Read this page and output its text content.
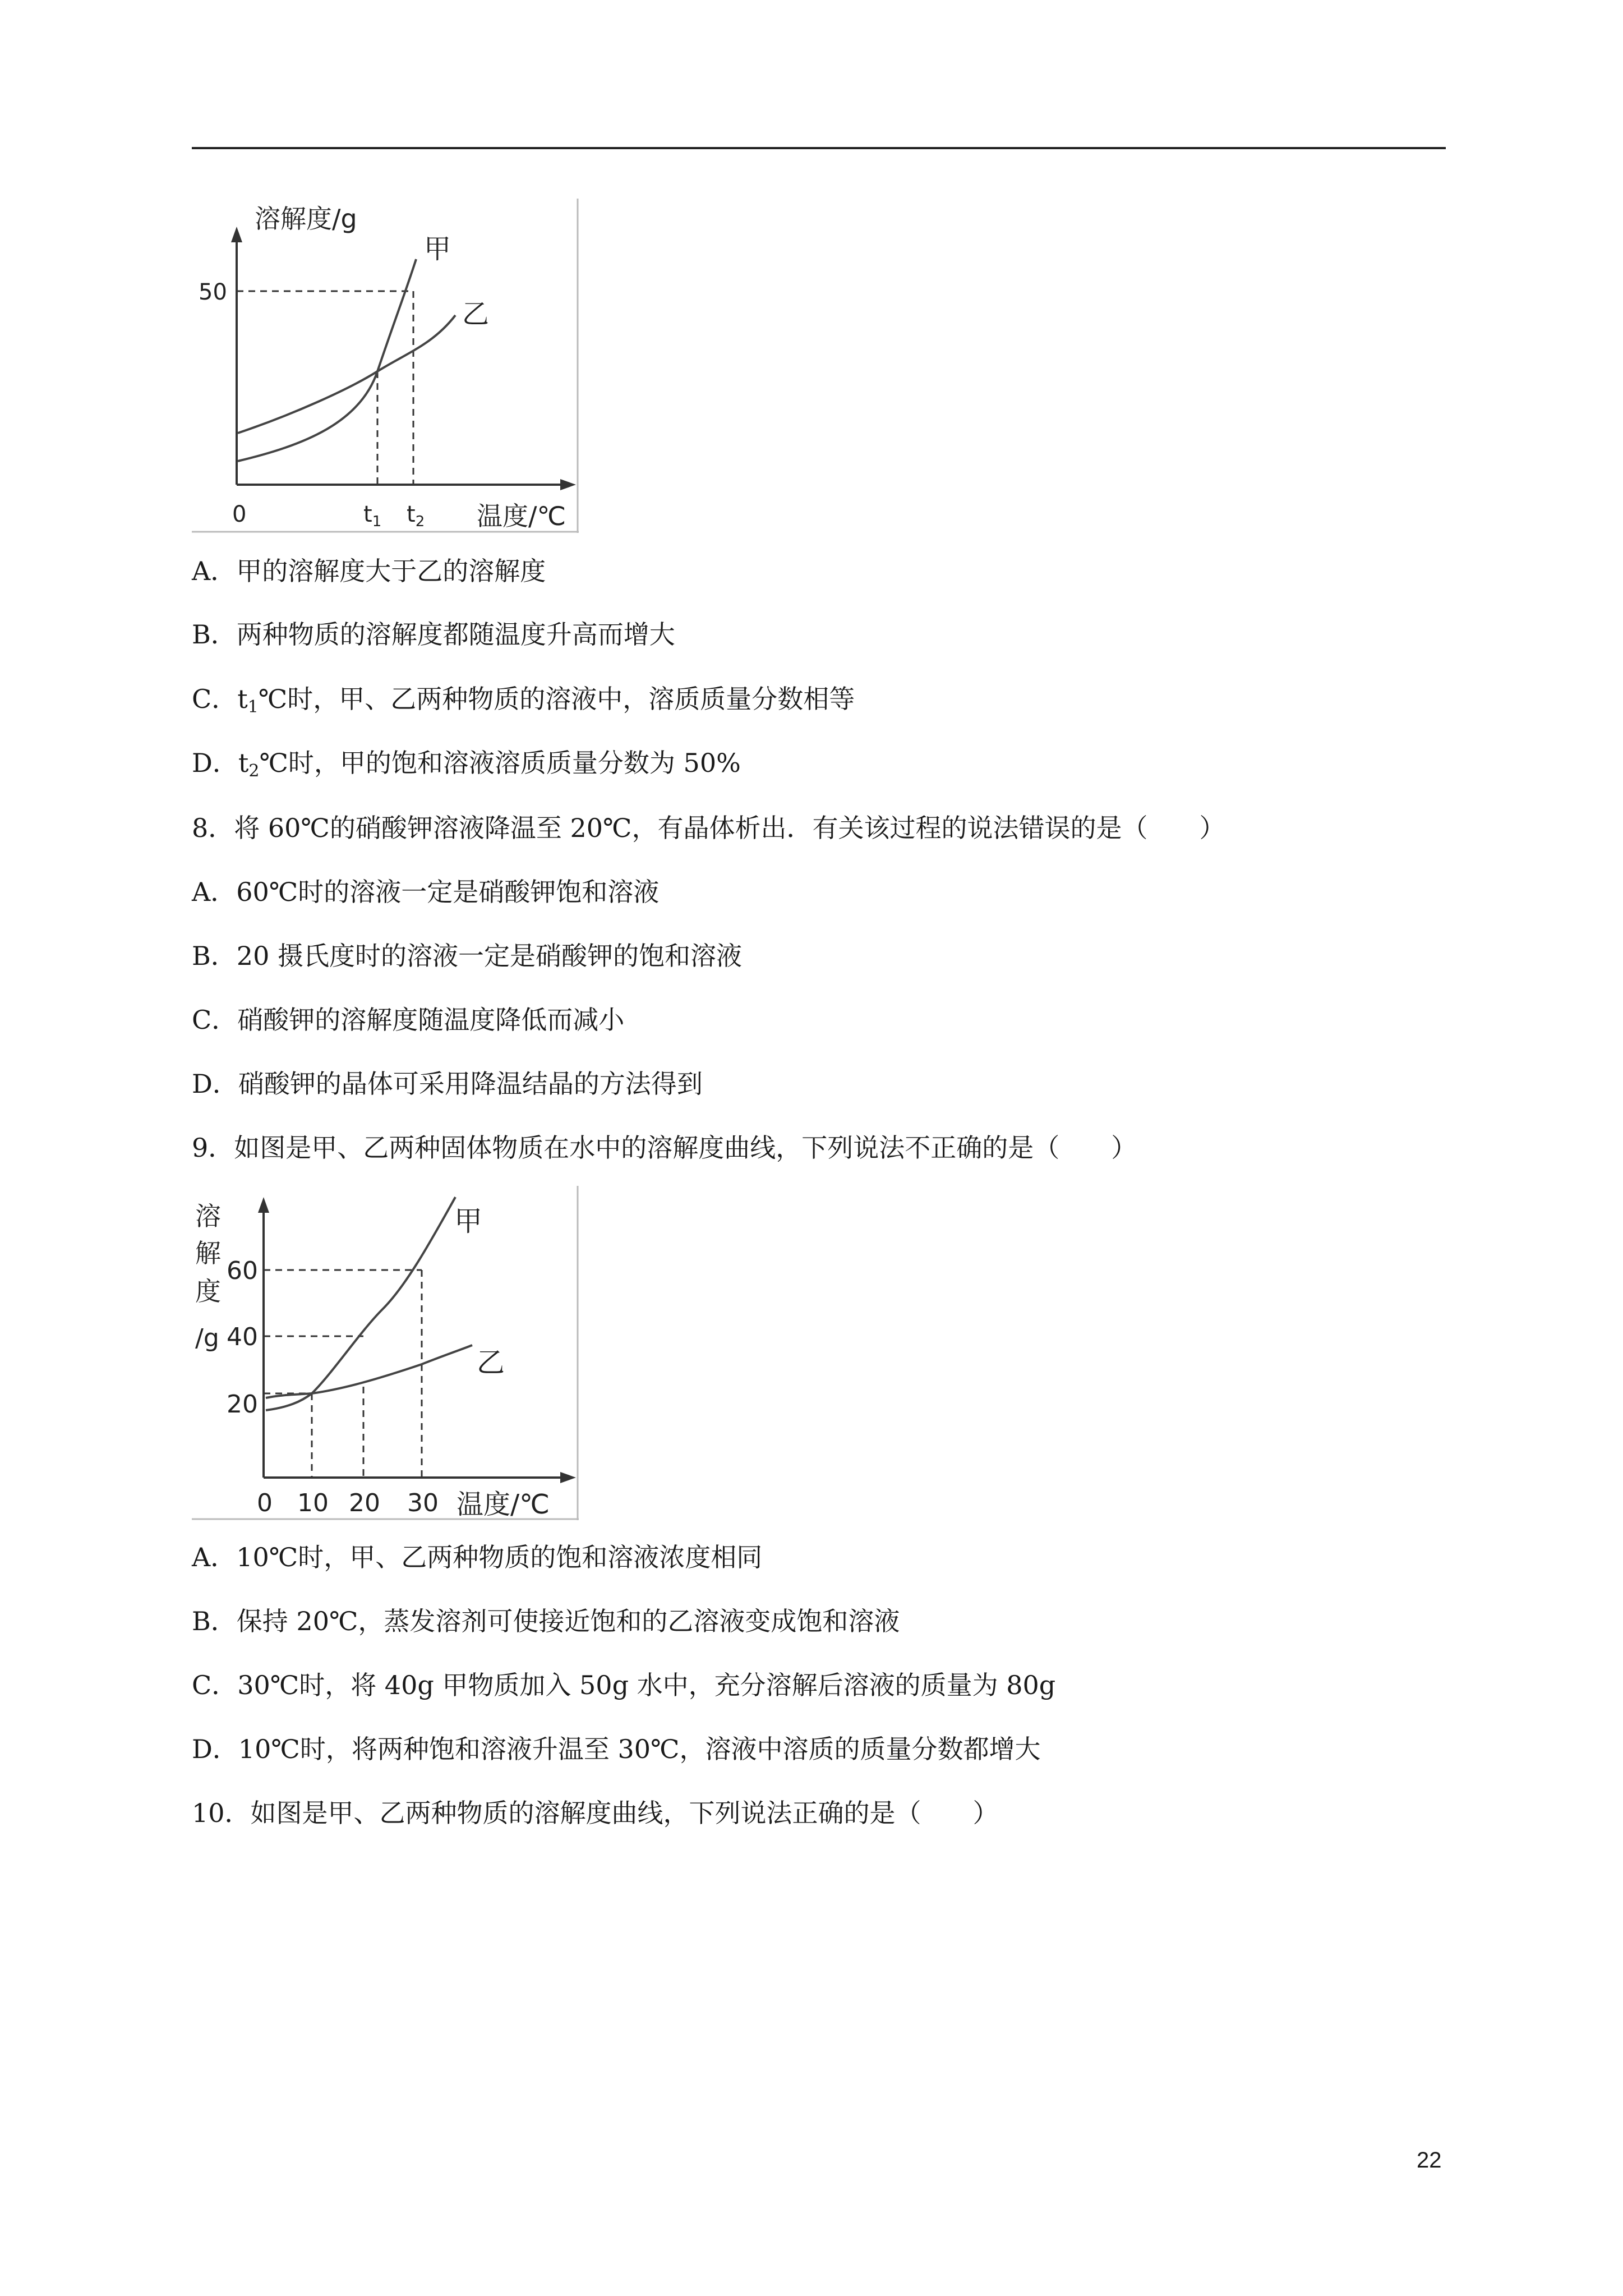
溶解度/g
50
0	$t_1$ $t_2$ 温度/℃
甲
乙
A．甲的溶解度大于乙的溶解度
B．两种物质的溶解度都随温度升高而增大
C．$t_1℃$时，甲、乙两种物质的溶液中，溶质质量分数相等
D．$t_2℃$时，甲的饱和溶液溶质质量分数为 50%
8．将 60℃的硝酸钾溶液降温至 20℃，有晶体析出．有关该过程的说法错误的是（　　）
A．60℃时的溶液一定是硝酸钾饱和溶液
B．20 摄氏度时的溶液一定是硝酸钾的饱和溶液
C．硝酸钾的溶解度随温度降低而减小
D．硝酸钾的晶体可采用降温结晶的方法得到
9．如图是甲、乙两种固体物质在水中的溶解度曲线，下列说法不正确的是（　　）
溶
解
度
/g
60
40
20
0 10 20 30 温度/℃
甲
乙
A．10℃时，甲、乙两种物质的饱和溶液浓度相同
B．保持 20℃，蒸发溶剂可使接近饱和的乙溶液变成饱和溶液
C．30℃时，将 40g 甲物质加入 50g 水中，充分溶解后溶液的质量为 80g
D．10℃时，将两种饱和溶液升温至 30℃，溶液中溶质的质量分数都增大
10．如图是甲、乙两种物质的溶解度曲线，下列说法正确的是（　　）
22
